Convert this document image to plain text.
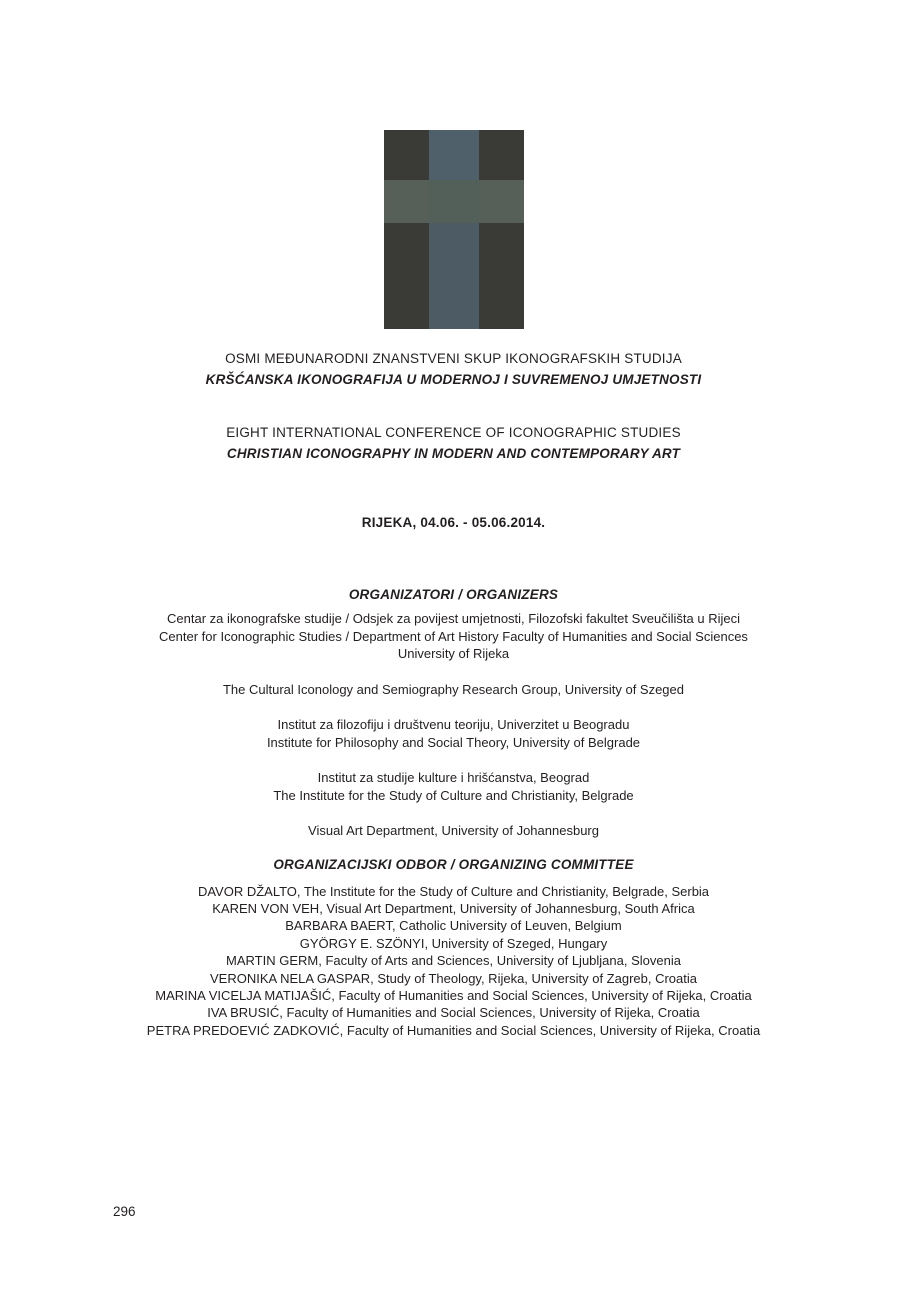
OSMI MEĐUNARODNI ZNANSTVENI SKUP IKONOGRAFSKIH STUDIJA
KRŠĆANSKA IKONOGRAFIJA U MODERNOJ I SUVREMENOJ UMJETNOSTI
EIGHT INTERNATIONAL CONFERENCE OF ICONOGRAPHIC STUDIES
CHRISTIAN ICONOGRAPHY IN MODERN AND CONTEMPORARY ART
RIJEKA, 04.06. - 05.06.2014.
ORGANIZATORI / ORGANIZERS
Centar za ikonografske studije / Odsjek za povijest umjetnosti, Filozofski fakultet Sveučilišta u Rijeci
Center for Iconographic Studies / Department of Art History Faculty of Humanities and Social Sciences
University of Rijeka
The Cultural Iconology and Semiography Research Group, University of Szeged
Institut za filozofiju i društvenu teoriju, Univerzitet u Beogradu
Institute for Philosophy and Social Theory, University of Belgrade
Institut za studije kulture i hrišćanstva, Beograd
The Institute for the Study of Culture and Christianity, Belgrade
Visual Art Department, University of Johannesburg
ORGANIZACIJSKI ODBOR / ORGANIZING COMMITTEE
DAVOR DŽALTO, The Institute for the Study of Culture and Christianity, Belgrade, Serbia
KAREN VON VEH, Visual Art Department, University of Johannesburg, South Africa
BARBARA BAERT, Catholic University of Leuven, Belgium
GYÖRGY E. SZÖNYI, University of Szeged, Hungary
MARTIN GERM, Faculty of Arts and Sciences, University of Ljubljana, Slovenia
VERONIKA NELA GASPAR, Study of Theology, Rijeka, University of Zagreb, Croatia
MARINA VICELJA MATIJAŠIĆ, Faculty of Humanities and Social Sciences, University of Rijeka, Croatia
IVA BRUSIĆ, Faculty of Humanities and Social Sciences, University of Rijeka, Croatia
PETRA PREDOEVIĆ ZADKOVIĆ, Faculty of Humanities and Social Sciences, University of Rijeka, Croatia
296
